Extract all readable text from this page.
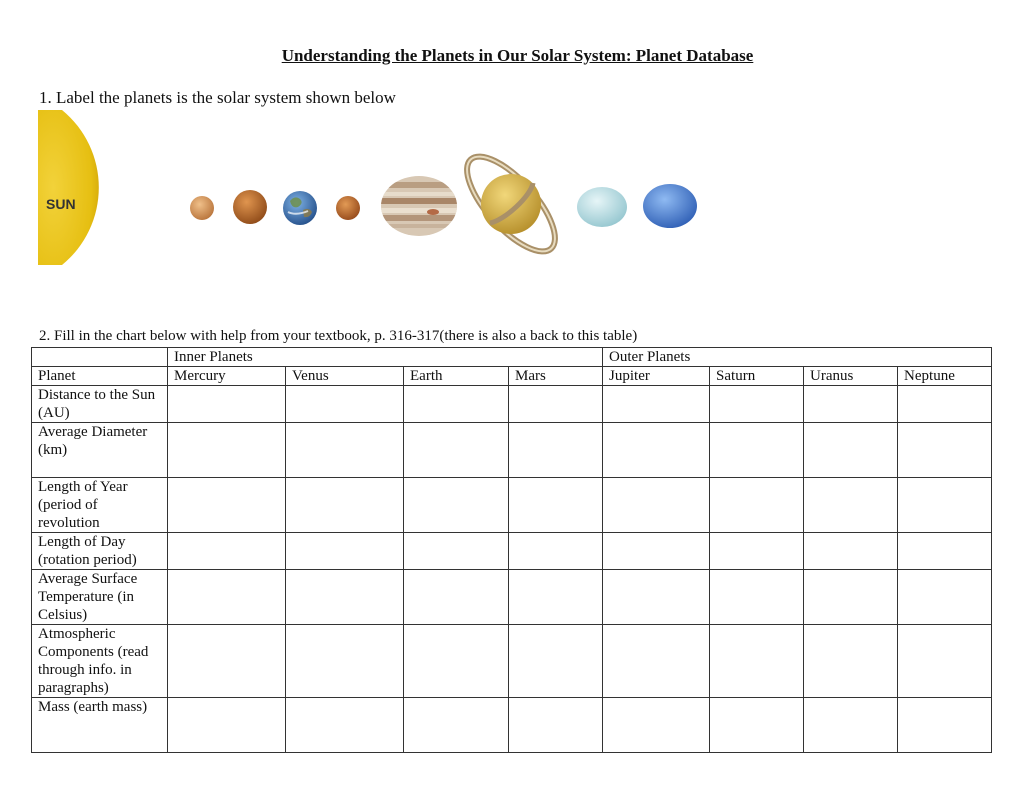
Understanding the Planets in Our Solar System: Planet Database
1. Label the planets is the solar system shown below
SUN
2. Fill in the chart below with help from your textbook, p. 316-317(there is also a back to this table)
	Inner Planets				Outer Planets			
Planet	Mercury	Venus	Earth	Mars	Jupiter	Saturn	Uranus	Neptune
Distance to the Sun (AU)								
Average Diameter (km)								
Length of Year (period of revolution								
Length of Day (rotation period)								
Average Surface Temperature (in Celsius)								
Atmospheric Components (read through info. in paragraphs)								
Mass (earth mass)								
